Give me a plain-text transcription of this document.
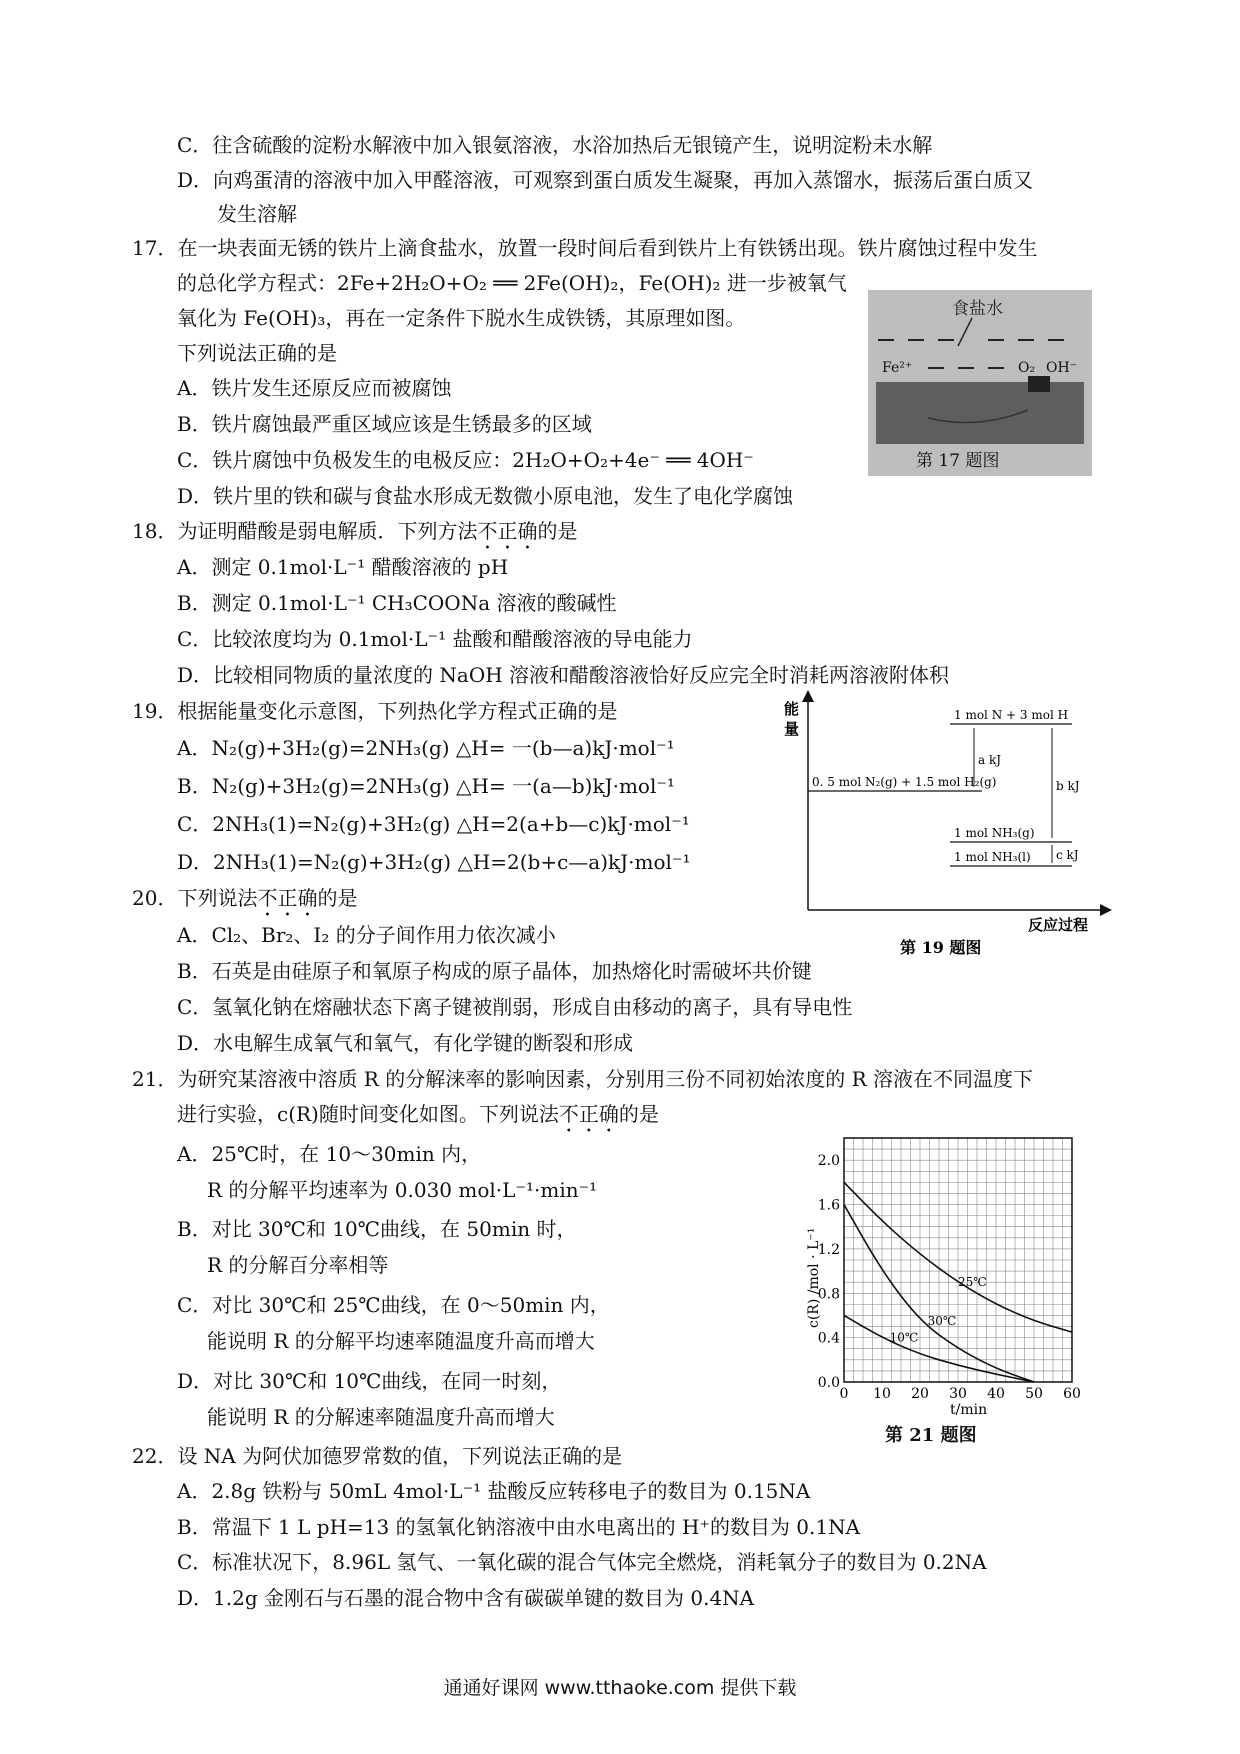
C．往含硫酸的淀粉水解液中加入银氨溶液，水浴加热后无银镜产生，说明淀粉未水解
D．向鸡蛋清的溶液中加入甲醛溶液，可观察到蛋白质发生凝聚，再加入蒸馏水，振荡后蛋白质又
发生溶解
17．在一块表面无锈的铁片上滴食盐水，放置一段时间后看到铁片上有铁锈出现。铁片腐蚀过程中发生
的总化学方程式：2Fe+2H₂O+O₂ ══ 2Fe(OH)₂，Fe(OH)₂ 进一步被氧气
氧化为 Fe(OH)₃，再在一定条件下脱水生成铁锈，其原理如图。
下列说法正确的是
A．铁片发生还原反应而被腐蚀
B．铁片腐蚀最严重区域应该是生锈最多的区域
C．铁片腐蚀中负极发生的电极反应：2H₂O+O₂+4e⁻ ══ 4OH⁻
D．铁片里的铁和碳与食盐水形成无数微小原电池，发生了电化学腐蚀
食盐水
Fe²⁺	O₂ OH⁻
第 17 题图
18．为证明醋酸是弱电解质．下列方法不正确的是
A．测定 0.1mol·L⁻¹ 醋酸溶液的 pH
B．测定 0.1mol·L⁻¹ CH₃COONa 溶液的酸碱性
C．比较浓度均为 0.1mol·L⁻¹ 盐酸和醋酸溶液的导电能力
D．比较相同物质的量浓度的 NaOH 溶液和醋酸溶液恰好反应完全时消耗两溶液附体积
19．根据能量变化示意图，下列热化学方程式正确的是
A．N₂(g)+3H₂(g)=2NH₃(g) △H= 一(b—a)kJ·mol⁻¹
B．N₂(g)+3H₂(g)=2NH₃(g) △H= 一(a—b)kJ·mol⁻¹
C．2NH₃(1)=N₂(g)+3H₂(g) △H=2(a+b—c)kJ·mol⁻¹
D．2NH₃(1)=N₂(g)+3H₂(g) △H=2(b+c—a)kJ·mol⁻¹
能
量
1 mol N + 3 mol H
0. 5 mol N₂(g) + 1.5 mol H₂(g)
1 mol NH₃(g)
1 mol NH₃(l)
a kJ
b kJ
c kJ
反应过程
第 19 题图
20．下列说法不正确的是
A．Cl₂、Br₂、I₂ 的分子间作用力依次减小
B．石英是由硅原子和氧原子构成的原子晶体，加热熔化时需破坏共价键
C．氢氧化钠在熔融状态下离子键被削弱，形成自由移动的离子，具有导电性
D．水电解生成氧气和氧气，有化学键的断裂和形成
21．为研究某溶液中溶质 R 的分解涞率的影响因素，分别用三份不同初始浓度的 R 溶液在不同温度下
进行实验，c(R)随时间变化如图。下列说法不正确的是
A．25℃时，在 10～30min 内，
R 的分解平均速率为 0.030 mol·L⁻¹·min⁻¹
B．对比 30℃和 10℃曲线，在 50min 时，
R 的分解百分率相等
C．对比 30℃和 25℃曲线，在 0～50min 内，
能说明 R 的分解平均速率随温度升高而增大
D．对比 30℃和 10℃曲线，在同一时刻，
能说明 R 的分解速率随温度升高而增大
25℃
30℃
10℃
0 10 20 30 40 50 60
0.0
0.4
0.8
1.2
1.6
2.0
t/min
c(R) /mol · L⁻¹
第 21 题图
22．设 NA 为阿伏加德罗常数的值，下列说法正确的是
A．2.8g 铁粉与 50mL 4mol·L⁻¹ 盐酸反应转移电子的数目为 0.15NA
B．常温下 1 L pH=13 的氢氧化钠溶液中由水电离出的 H⁺的数目为 0.1NA
C．标准状况下，8.96L 氢气、一氧化碳的混合气体完全燃烧，消耗氧分子的数目为 0.2NA
D．1.2g 金刚石与石墨的混合物中含有碳碳单键的数目为 0.4NA
通通好课网 www.tthaoke.com 提供下载
